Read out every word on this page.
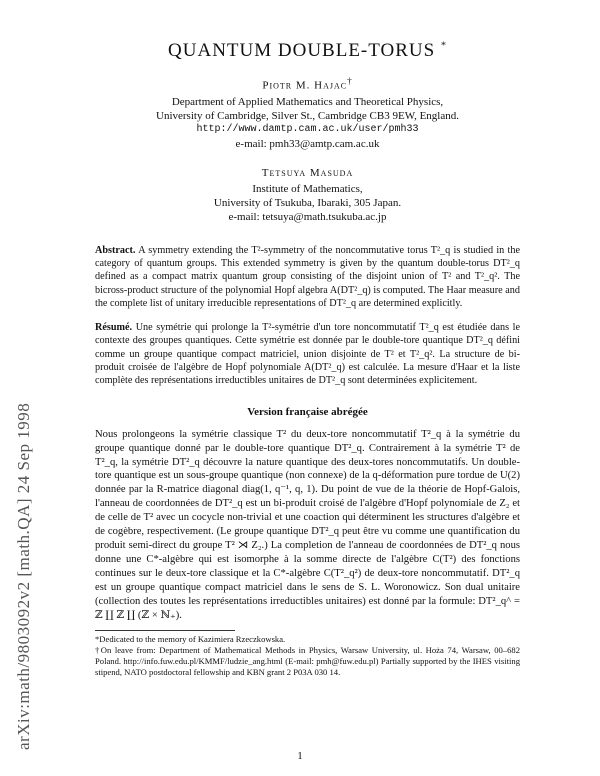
arXiv:math/9803092v2 [math.QA] 24 Sep 1998
QUANTUM DOUBLE-TORUS *
Piotr M. Hajac†
Department of Applied Mathematics and Theoretical Physics,
University of Cambridge, Silver St., Cambridge CB3 9EW, England.
http://www.damtp.cam.ac.uk/user/pmh33
e-mail: pmh33@amtp.cam.ac.uk
Tetsuya Masuda
Institute of Mathematics,
University of Tsukuba, Ibaraki, 305 Japan.
e-mail: tetsuya@math.tsukuba.ac.jp

Abstract. A symmetry extending the T²-symmetry of the noncommutative torus T²_q is studied in the category of quantum groups. This extended symmetry is given by the quantum double-torus DT²_q defined as a compact matrix quantum group consisting of the disjoint union of T² and T²_q². The bicross-product structure of the polynomial Hopf algebra A(DT²_q) is computed. The Haar measure and the complete list of unitary irreducible representations of DT²_q are determined explicitly.

Résumé. Une symétrie qui prolonge la T²-symétrie d'un tore noncommutatif T²_q est étudiée dans le contexte des groupes quantiques. Cette symétrie est donnée par le double-tore quantique DT²_q défini comme un groupe quantique compact matriciel, union disjointe de T² et T²_q². La structure de bi-produit croisée de l'algèbre de Hopf polynomiale A(DT²_q) est calculée. La mesure d'Haar et la liste complète des représentations irreductibles unitaires de DT²_q sont determinées explicitement.

Version française abrégée

Nous prolongeons la symétrie classique T² du deux-tore noncommutatif T²_q à la symétrie du groupe quantique donné par le double-tore quantique DT²_q. Contrairement à la symétrie T² de T²_q, la symétrie DT²_q découvre la nature quantique des deux-tores noncommutatifs. Un double-tore quantique est un sous-groupe quantique (non connexe) de la q-déformation pure tordue de U(2) donnée par la R-matrice diagonal diag(1, q⁻¹, q, 1). Du point de vue de la théorie de Hopf-Galois, l'anneau de coordonnées de DT²_q est un bi-produit croisé de l'algèbre d'Hopf polynomiale de Z₂ et de celle de T² avec un cocycle non-trivial et une coaction qui déterminent les structures d'algèbre et de cogèbre, respectivement. (Le groupe quantique DT²_q peut être vu comme une quantification du produit semi-direct du groupe T² ⋊ Z₂.) La completion de l'anneau de coordonnées de DT²_q nous donne une C*-algèbre qui est isomorphe à la somme directe de l'algèbre C(T²) des fonctions continues sur le deux-tore classique et la C*-algèbre C(T²_q²) de deux-tore noncommutatif. DT²_q est un groupe quantique compact matriciel dans le sens de S. L. Woronowicz. Son dual unitaire (collection des toutes les représentations irreductibles unitaires) est donné par la formule: DT²_q^ = ℤ ∐ ℤ ∐ (ℤ × ℕ₊).

*Dedicated to the memory of Kazimiera Rzeczkowska.

†On leave from: Department of Mathematical Methods in Physics, Warsaw University, ul. Hoża 74, Warsaw, 00–682 Poland. http://info.fuw.edu.pl/KMMF/ludzie_ang.html (E-mail: pmh@fuw.edu.pl) Partially supported by the IHES visiting stipend, NATO postdoctoral fellowship and KBN grant 2 P03A 030 14.

1
